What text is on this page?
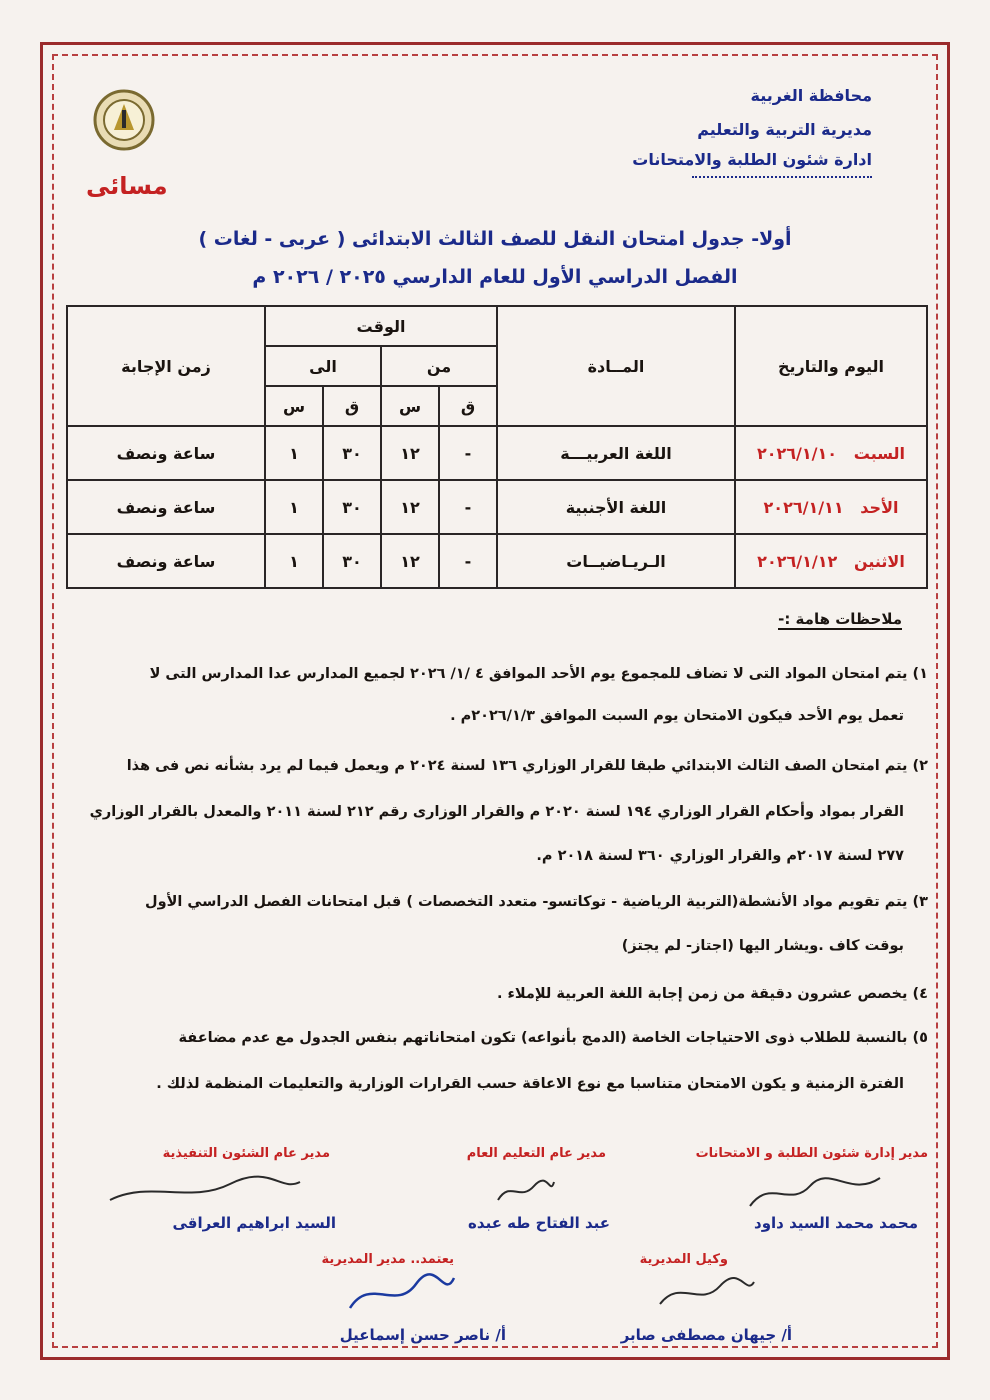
محافظة الغربية
مديرية التربية والتعليم
ادارة شئون الطلبة والامتحانات
مسائى
أولا- جدول امتحان النقل للصف الثالث الابتدائى ( عربى - لغات )
الفصل الدراسي الأول للعام الدارسي ٢٠٢٥ / ٢٠٢٦ م
اليوم والتاريخ	المــادة	الوقت				زمن الإجابة
		من		الى		
		ق	س	ق	س	
السبت   ٢٠٢٦/١/١٠	اللغة العربيـــة	-	١٢	٣٠	١	ساعة ونصف
الأحد   ٢٠٢٦/١/١١	اللغة الأجنبية	-	١٢	٣٠	١	ساعة ونصف
الاثنين   ٢٠٢٦/١/١٢	الـريـاضيــات	-	١٢	٣٠	١	ساعة ونصف
ملاحظات هامة :-
١) يتم امتحان المواد التى لا تضاف للمجموع يوم الأحد الموافق ٤ /١/ ٢٠٢٦ لجميع المدارس عدا المدارس التى لا
تعمل يوم الأحد فيكون الامتحان يوم السبت الموافق ٢٠٢٦/١/٣م .
٢) يتم امتحان الصف الثالث الابتدائي طبقا للقرار الوزاري ١٣٦ لسنة ٢٠٢٤ م ويعمل فيما لم يرد بشأنه نص فى هذا
القرار بمواد وأحكام القرار الوزاري ١٩٤ لسنة ٢٠٢٠ م والقرار الوزارى رقم ٢١٢ لسنة ٢٠١١ والمعدل بالقرار الوزاري
٢٧٧ لسنة ٢٠١٧م والقرار الوزاري ٣٦٠ لسنة ٢٠١٨ م.
٣) يتم تقويم مواد الأنشطة(التربية الرياضية - توكاتسو- متعدد التخصصات ) قبل امتحانات الفصل الدراسي الأول
بوقت كاف .ويشار اليها (اجتاز- لم يجتز)
٤) يخصص عشرون دقيقة من زمن إجابة اللغة العربية للإملاء .
٥) بالنسبة للطلاب ذوى الاحتياجات الخاصة (الدمج بأنواعه) تكون امتحاناتهم بنفس الجدول مع عدم مضاعفة
الفترة الزمنية و يكون الامتحان متناسبا مع نوع الاعاقة حسب القرارات الوزارية والتعليمات المنظمة لذلك .
مدير إدارة شئون الطلبة و الامتحانات
مدير عام التعليم العام
مدير عام الشئون التنفيذية
محمد محمد السيد داود
عبد الفتاح طه عبده
السيد ابراهيم العراقى
وكيل المديرية
يعتمد.. مدير المديرية
أ/ جيهان مصطفى صابر
أ/ ناصر حسن إسماعيل
